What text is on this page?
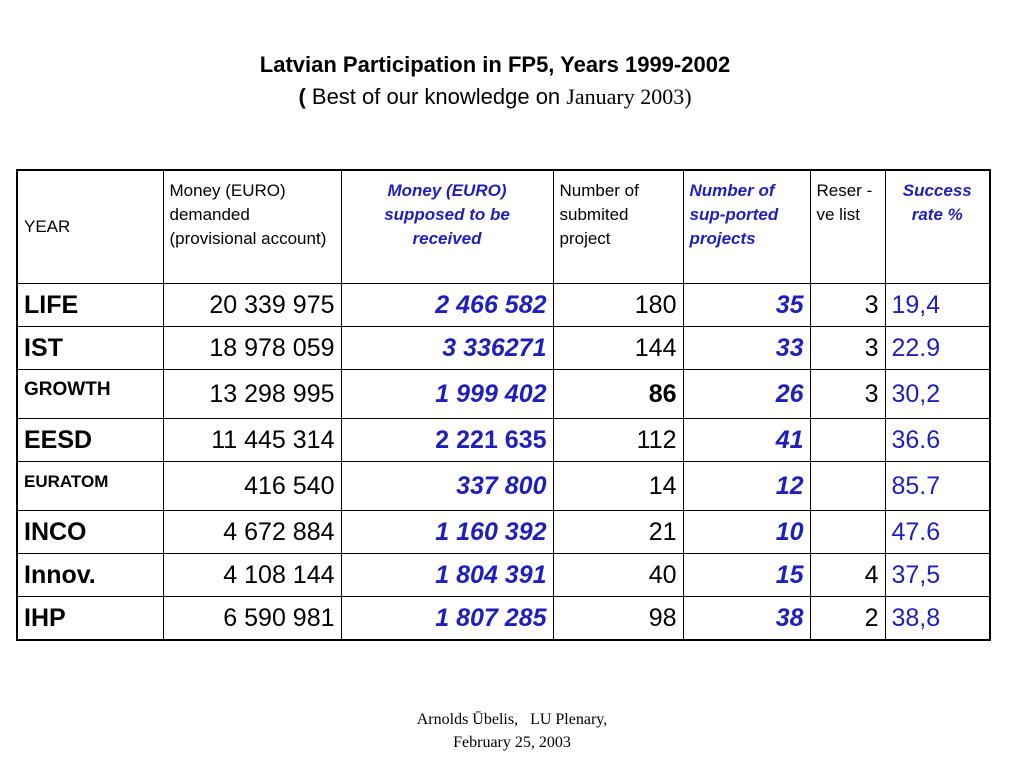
Latvian Participation in FP5, Years 1999-2002
( Best of our knowledge on January 2003)
YEAR	Money (EURO) demanded (provisional account)	Money (EURO) supposed to be received	Number of submited project	Number of sup-ported projects	Reser -ve list	Success rate %
LIFE	20 339 975	2 466 582	180	35	3	19,4
IST	18 978 059	3 336271	144	33	3	22.9
GROWTH	13 298 995	1 999 402	86	26	3	30,2
EESD	11 445 314	2 221 635	112	41		36.6
EURATOM	416 540	337 800	14	12		85.7
INCO	4 672 884	1 160 392	21	10		47.6
Innov.	4 108 144	1 804 391	40	15	4	37,5
IHP	6 590 981	1 807 285	98	38	2	38,8
Arnolds Ūbelis,   LU Plenary,
February 25, 2003
